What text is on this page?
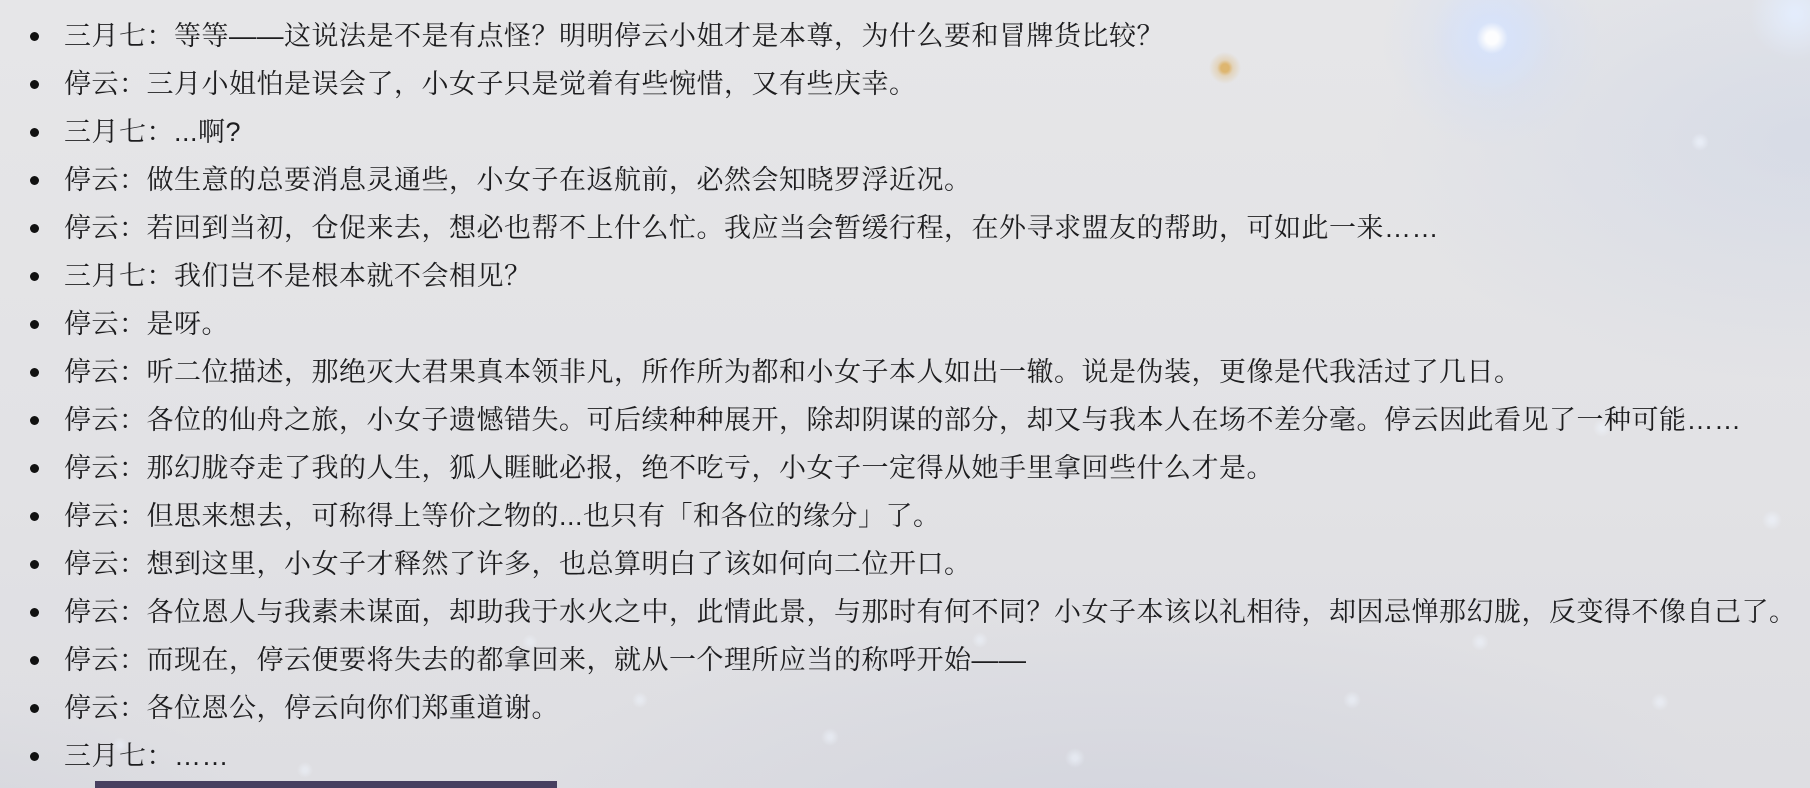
三月七：等等——这说法是不是有点怪？明明停云小姐才是本尊，为什么要和冒牌货比较？
停云：三月小姐怕是误会了，小女子只是觉着有些惋惜，又有些庆幸。
三月七：...啊?
停云：做生意的总要消息灵通些，小女子在返航前，必然会知晓罗浮近况。
停云：若回到当初，仓促来去，想必也帮不上什么忙。我应当会暂缓行程，在外寻求盟友的帮助，可如此一来……
三月七：我们岂不是根本就不会相见？
停云：是呀。
停云：听二位描述，那绝灭大君果真本领非凡，所作所为都和小女子本人如出一辙。说是伪装，更像是代我活过了几日。
停云：各位的仙舟之旅，小女子遗憾错失。可后续种种展开，除却阴谋的部分，却又与我本人在场不差分毫。停云因此看见了一种可能……
停云：那幻胧夺走了我的人生，狐人睚眦必报，绝不吃亏，小女子一定得从她手里拿回些什么才是。
停云：但思来想去，可称得上等价之物的...也只有「和各位的缘分」了。
停云：想到这里，小女子才释然了许多，也总算明白了该如何向二位开口。
停云：各位恩人与我素未谋面，却助我于水火之中，此情此景，与那时有何不同？小女子本该以礼相待，却因忌惮那幻胧，反变得不像自己了。
停云：而现在，停云便要将失去的都拿回来，就从一个理所应当的称呼开始——
停云：各位恩公，停云向你们郑重道谢。
三月七：……
